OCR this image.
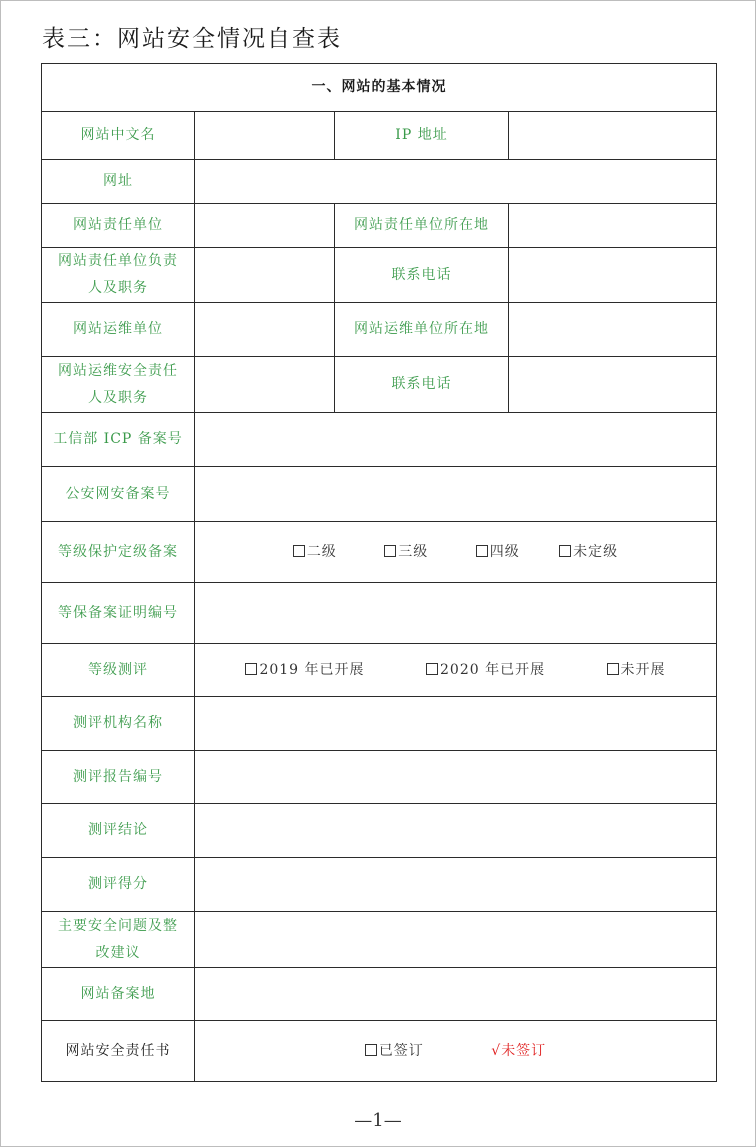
表三：网站安全情况自查表
一、网站的基本情况			
网站中文名		IP 地址	
网址			
网站责任单位		网站责任单位所在地	
网站责任单位负责
人及职务		联系电话	
网站运维单位		网站运维单位所在地	
网站运维安全责任
人及职务		联系电话	
工信部 ICP 备案号			
公安网安备案号			
等级保护定级备案	二级 三级 四级 未定级		
等保备案证明编号			
等级测评	2019 年已开展 2020 年已开展 未开展		
测评机构名称			
测评报告编号			
测评结论			
测评得分			
主要安全问题及整
改建议			
网站备案地			
网站安全责任书	已签订 √未签订		
—1—
